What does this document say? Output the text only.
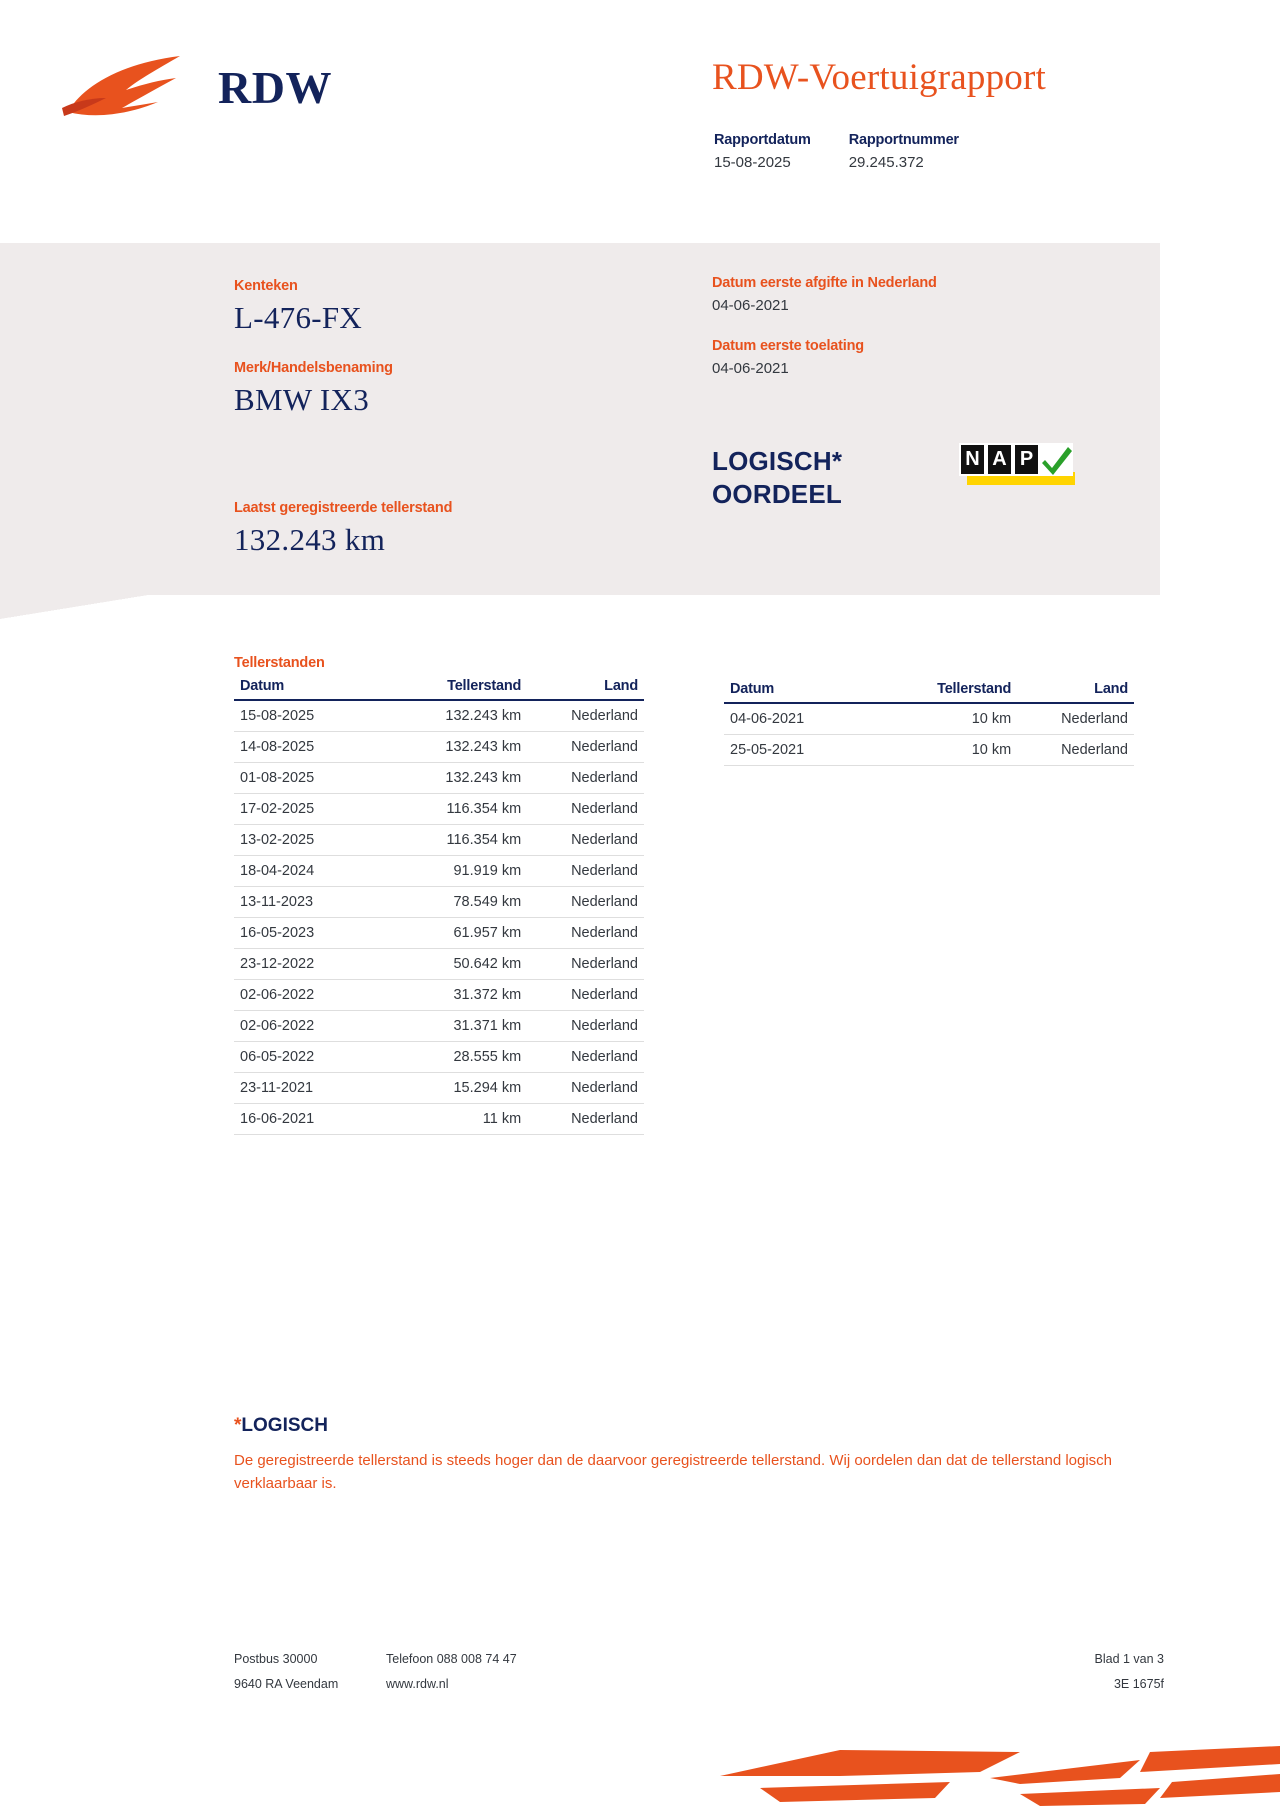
RDW	RDW-Voertuigrapport
Rapportdatum
15-08-2025
Rapportnummer
29.245.372
Kenteken
L-476-FX
Merk/Handelsbenaming
BMW IX3
Laatst geregistreerde tellerstand
132.243 km
Datum eerste afgifte in Nederland
04-06-2021
Datum eerste toelating
04-06-2021
LOGISCH*
OORDEEL
N A P
Tellerstanden
Datum	Tellerstand	Land
15-08-2025	132.243 km	Nederland
14-08-2025	132.243 km	Nederland
01-08-2025	132.243 km	Nederland
17-02-2025	116.354 km	Nederland
13-02-2025	116.354 km	Nederland
18-04-2024	91.919 km	Nederland
13-11-2023	78.549 km	Nederland
16-05-2023	61.957 km	Nederland
23-12-2022	50.642 km	Nederland
02-06-2022	31.372 km	Nederland
02-06-2022	31.371 km	Nederland
06-05-2022	28.555 km	Nederland
23-11-2021	15.294 km	Nederland
16-06-2021	11 km	Nederland
Datum	Tellerstand	Land
04-06-2021	10 km	Nederland
25-05-2021	10 km	Nederland
*LOGISCH
De geregistreerde tellerstand is steeds hoger dan de daarvoor geregistreerde tellerstand. Wij oordelen dan dat de tellerstand logisch verklaarbaar is.
Postbus 30000	Telefoon 088 008 74 47	Blad 1 van 3
9640 RA Veendam	www.rdw.nl	3E 1675f
